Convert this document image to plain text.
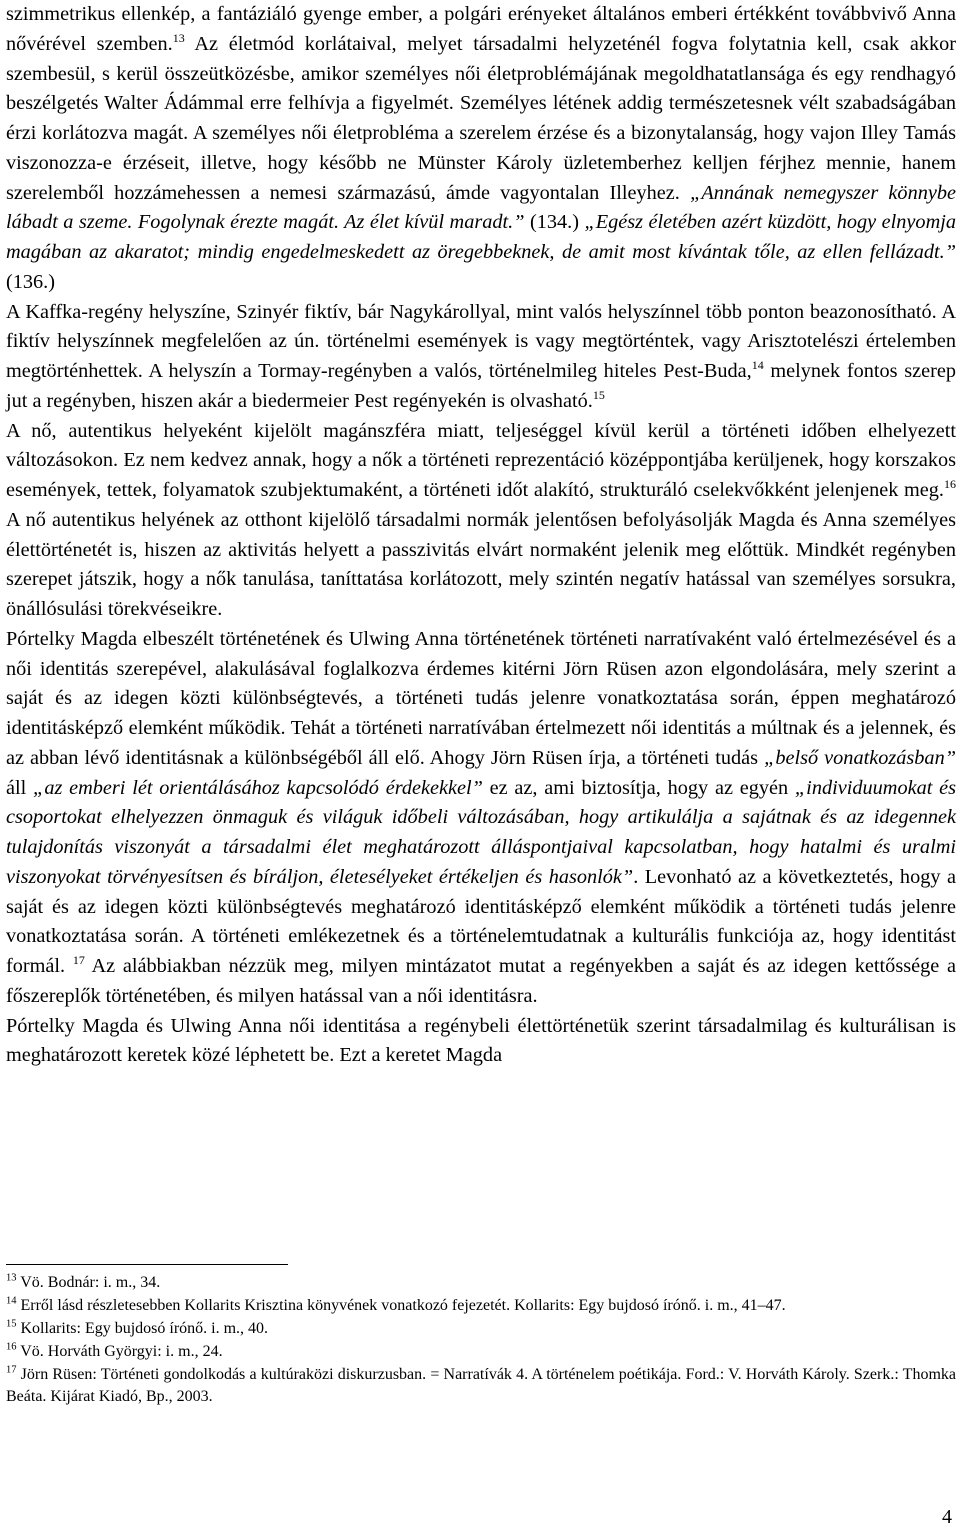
szimmetrikus ellenkép, a fantáziáló gyenge ember, a polgári erényeket általános emberi értékként továbbvivő Anna nővérével szemben.$^{13}$ Az életmód korlátaival, melyet társadalmi helyzeténél fogva folytatnia kell, csak akkor szembesül, s kerül összeütközésbe, amikor személyes női életproblémájának megoldhatatlansága és egy rendhagyó beszélgetés Walter Ádámmal erre felhívja a figyelmét. Személyes létének addig természetesnek vélt szabadságában érzi korlátozva magát. A személyes női életprobléma a szerelem érzése és a bizonytalanság, hogy vajon Illey Tamás viszonozza-e érzéseit, illetve, hogy később ne Münster Károly üzletemberhez kelljen férjhez mennie, hanem szerelemből hozzámehessen a nemesi származású, ámde vagyontalan Illeyhez. „Annának nemegyszer könnybe lábadt a szeme. Fogolynak érezte magát. Az élet kívül maradt.” (134.) „Egész életében azért küzdött, hogy elnyomja magában az akaratot; mindig engedelmeskedett az öregebbeknek, de amit most kívántak tőle, az ellen fellázadt.” (136.)

A Kaffka-regény helyszíne, Szinyér fiktív, bár Nagykárollyal, mint valós helyszínnel több ponton beazonosítható. A fiktív helyszínnek megfelelően az ún. történelmi események is vagy megtörténtek, vagy Arisztotelészi értelemben megtörténhettek. A helyszín a Tormay-regényben a valós, történelmileg hiteles Pest-Buda,$^{14}$ melynek fontos szerep jut a regényben, hiszen akár a biedermeier Pest regényekén is olvasható.$^{15}$

A nő, autentikus helyeként kijelölt magánszféra miatt, teljeséggel kívül kerül a történeti időben elhelyezett változásokon. Ez nem kedvez annak, hogy a nők a történeti reprezentáció középpontjába kerüljenek, hogy korszakos események, tettek, folyamatok szubjektumaként, a történeti időt alakító, strukturáló cselekvőkként jelenjenek meg.$^{16}$ A nő autentikus helyének az otthont kijelölő társadalmi normák jelentősen befolyásolják Magda és Anna személyes élettörténetét is, hiszen az aktivitás helyett a passzivitás elvárt normaként jelenik meg előttük. Mindkét regényben szerepet játszik, hogy a nők tanulása, taníttatása korlátozott, mely szintén negatív hatással van személyes sorsukra, önállósulási törekvéseikre.

Pórtelky Magda elbeszélt történetének és Ulwing Anna történetének történeti narratívaként való értelmezésével és a női identitás szerepével, alakulásával foglalkozva érdemes kitérni Jörn Rüsen azon elgondolására, mely szerint a saját és az idegen közti különbségtevés, a történeti tudás jelenre vonatkoztatása során, éppen meghatározó identitásképző elemként működik. Tehát a történeti narratívában értelmezett női identitás a múltnak és a jelennek, és az abban lévő identitásnak a különbségéből áll elő. Ahogy Jörn Rüsen írja, a történeti tudás „belső vonatkozásban” áll „az emberi lét orientálásához kapcsolódó érdekekkel” ez az, ami biztosítja, hogy az egyén „individuumokat és csoportokat elhelyezzen önmaguk és világuk időbeli változásában, hogy artikulálja a sajátnak és az idegennek tulajdonítás viszonyát a társadalmi élet meghatározott álláspontjaival kapcsolatban, hogy hatalmi és uralmi viszonyokat törvényesítsen és bíráljon, életesélyeket értékeljen és hasonlók”. Levonható az a következtetés, hogy a saját és az idegen közti különbségtevés meghatározó identitásképző elemként működik a történeti tudás jelenre vonatkoztatása során. A történeti emlékezetnek és a történelemtudatnak a kulturális funkciója az, hogy identitást formál. $^{17}$ Az alábbiakban nézzük meg, milyen mintázatot mutat a regényekben a saját és az idegen kettőssége a főszereplők történetében, és milyen hatással van a női identitásra.

Pórtelky Magda és Ulwing Anna női identitása a regénybeli élettörténetük szerint társadalmilag és kulturálisan is meghatározott keretek közé léphetett be. Ezt a keretet Magda

$^{13}$ Vö. Bodnár: i. m., 34.

$^{14}$ Erről lásd részletesebben Kollarits Krisztina könyvének vonatkozó fejezetét. Kollarits: Egy bujdosó írónő. i. m., 41–47.

$^{15}$ Kollarits: Egy bujdosó írónő. i. m., 40.

$^{16}$ Vö. Horváth Györgyi: i. m., 24.

$^{17}$ Jörn Rüsen: Történeti gondolkodás a kultúraközi diskurzusban. = Narratívák 4. A történelem poétikája. Ford.: V. Horváth Károly. Szerk.: Thomka Beáta. Kijárat Kiadó, Bp., 2003.

4
